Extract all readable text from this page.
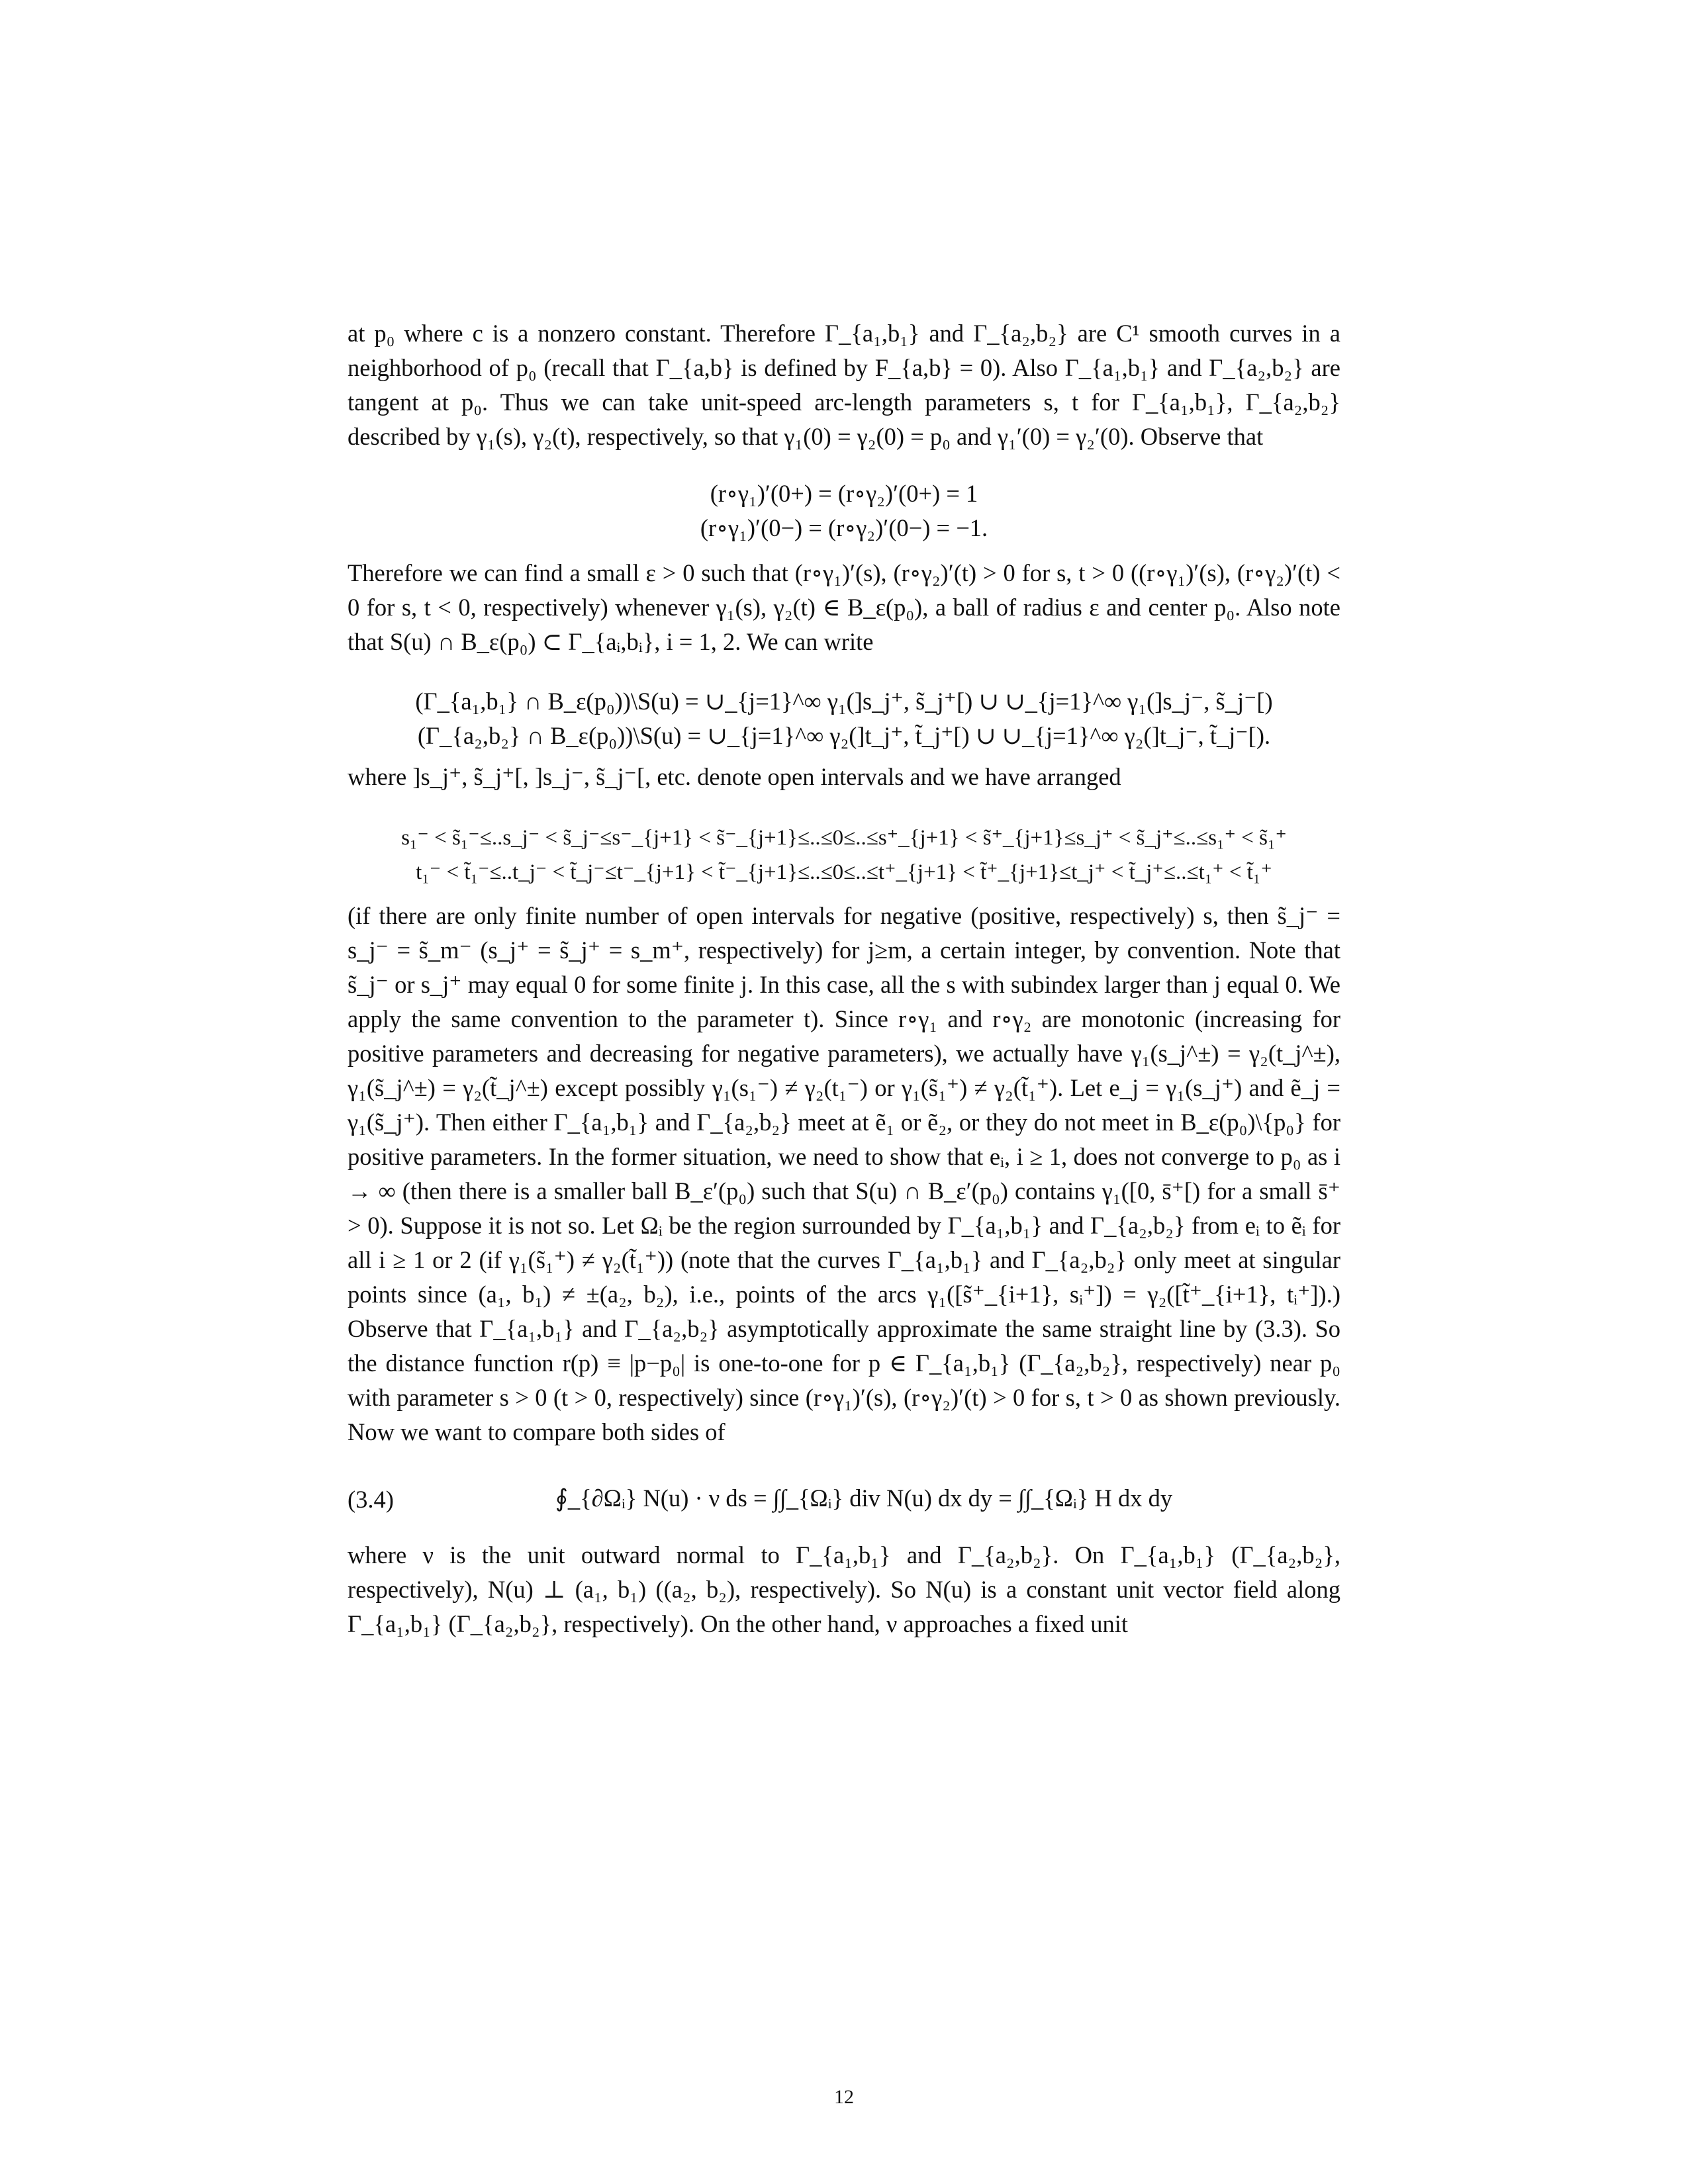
at p₀ where c is a nonzero constant. Therefore Γ_{a₁,b₁} and Γ_{a₂,b₂} are C¹ smooth curves in a neighborhood of p₀ (recall that Γ_{a,b} is defined by F_{a,b} = 0). Also Γ_{a₁,b₁} and Γ_{a₂,b₂} are tangent at p₀. Thus we can take unit-speed arc-length parameters s, t for Γ_{a₁,b₁}, Γ_{a₂,b₂} described by γ₁(s), γ₂(t), respectively, so that γ₁(0) = γ₂(0) = p₀ and γ₁′(0) = γ₂′(0). Observe that

(r∘γ₁)′(0+) = (r∘γ₂)′(0+) = 1

(r∘γ₁)′(0−) = (r∘γ₂)′(0−) = −1.

Therefore we can find a small ε > 0 such that (r∘γ₁)′(s), (r∘γ₂)′(t) > 0 for s, t > 0 ((r∘γ₁)′(s), (r∘γ₂)′(t) < 0 for s, t < 0, respectively) whenever γ₁(s), γ₂(t) ∈ B_ε(p₀), a ball of radius ε and center p₀. Also note that S(u) ∩ B_ε(p₀) ⊂ Γ_{aᵢ,bᵢ}, i = 1, 2. We can write

(Γ_{a₁,b₁} ∩ B_ε(p₀))\S(u) = ∪_{j=1}^∞ γ₁(]s_j⁺, s̃_j⁺[) ∪ ∪_{j=1}^∞ γ₁(]s_j⁻, s̃_j⁻[)

(Γ_{a₂,b₂} ∩ B_ε(p₀))\S(u) = ∪_{j=1}^∞ γ₂(]t_j⁺, t̃_j⁺[) ∪ ∪_{j=1}^∞ γ₂(]t_j⁻, t̃_j⁻[).

where ]s_j⁺, s̃_j⁺[, ]s_j⁻, s̃_j⁻[, etc. denote open intervals and we have arranged

s₁⁻ < s̃₁⁻≤..s_j⁻ < s̃_j⁻≤s⁻_{j+1} < s̃⁻_{j+1}≤..≤0≤..≤s⁺_{j+1} < s̃⁺_{j+1}≤s_j⁺ < s̃_j⁺≤..≤s₁⁺ < s̃₁⁺

t₁⁻ < t̃₁⁻≤..t_j⁻ < t̃_j⁻≤t⁻_{j+1} < t̃⁻_{j+1}≤..≤0≤..≤t⁺_{j+1} < t̃⁺_{j+1}≤t_j⁺ < t̃_j⁺≤..≤t₁⁺ < t̃₁⁺

(if there are only finite number of open intervals for negative (positive, respectively) s, then s̃_j⁻ = s_j⁻ = s̃_m⁻ (s_j⁺ = s̃_j⁺ = s_m⁺, respectively) for j≥m, a certain integer, by convention. Note that s̃_j⁻ or s_j⁺ may equal 0 for some finite j. In this case, all the s with subindex larger than j equal 0. We apply the same convention to the parameter t). Since r∘γ₁ and r∘γ₂ are monotonic (increasing for positive parameters and decreasing for negative parameters), we actually have γ₁(s_j^±) = γ₂(t_j^±), γ₁(s̃_j^±) = γ₂(t̃_j^±) except possibly γ₁(s₁⁻) ≠ γ₂(t₁⁻) or γ₁(s̃₁⁺) ≠ γ₂(t̃₁⁺). Let e_j = γ₁(s_j⁺) and ẽ_j = γ₁(s̃_j⁺). Then either Γ_{a₁,b₁} and Γ_{a₂,b₂} meet at ẽ₁ or ẽ₂, or they do not meet in B_ε(p₀)\{p₀} for positive parameters. In the former situation, we need to show that eᵢ, i ≥ 1, does not converge to p₀ as i → ∞ (then there is a smaller ball B_ε′(p₀) such that S(u) ∩ B_ε′(p₀) contains γ₁([0, s̄⁺[) for a small s̄⁺ > 0). Suppose it is not so. Let Ωᵢ be the region surrounded by Γ_{a₁,b₁} and Γ_{a₂,b₂} from eᵢ to ẽᵢ for all i ≥ 1 or 2 (if γ₁(s̃₁⁺) ≠ γ₂(t̃₁⁺)) (note that the curves Γ_{a₁,b₁} and Γ_{a₂,b₂} only meet at singular points since (a₁, b₁) ≠ ±(a₂, b₂), i.e., points of the arcs γ₁([s̃⁺_{i+1}, sᵢ⁺]) = γ₂([t̃⁺_{i+1}, tᵢ⁺]).) Observe that Γ_{a₁,b₁} and Γ_{a₂,b₂} asymptotically approximate the same straight line by (3.3). So the distance function r(p) ≡ |p−p₀| is one-to-one for p ∈ Γ_{a₁,b₁} (Γ_{a₂,b₂}, respectively) near p₀ with parameter s > 0 (t > 0, respectively) since (r∘γ₁)′(s), (r∘γ₂)′(t) > 0 for s, t > 0 as shown previously. Now we want to compare both sides of

(3.4)	∮_{∂Ωᵢ} N(u) · ν ds = ∫∫_{Ωᵢ} div N(u) dx dy = ∫∫_{Ωᵢ} H dx dy

where ν is the unit outward normal to Γ_{a₁,b₁} and Γ_{a₂,b₂}. On Γ_{a₁,b₁} (Γ_{a₂,b₂}, respectively), N(u) ⊥ (a₁, b₁) ((a₂, b₂), respectively). So N(u) is a constant unit vector field along Γ_{a₁,b₁} (Γ_{a₂,b₂}, respectively). On the other hand, ν approaches a fixed unit

12
